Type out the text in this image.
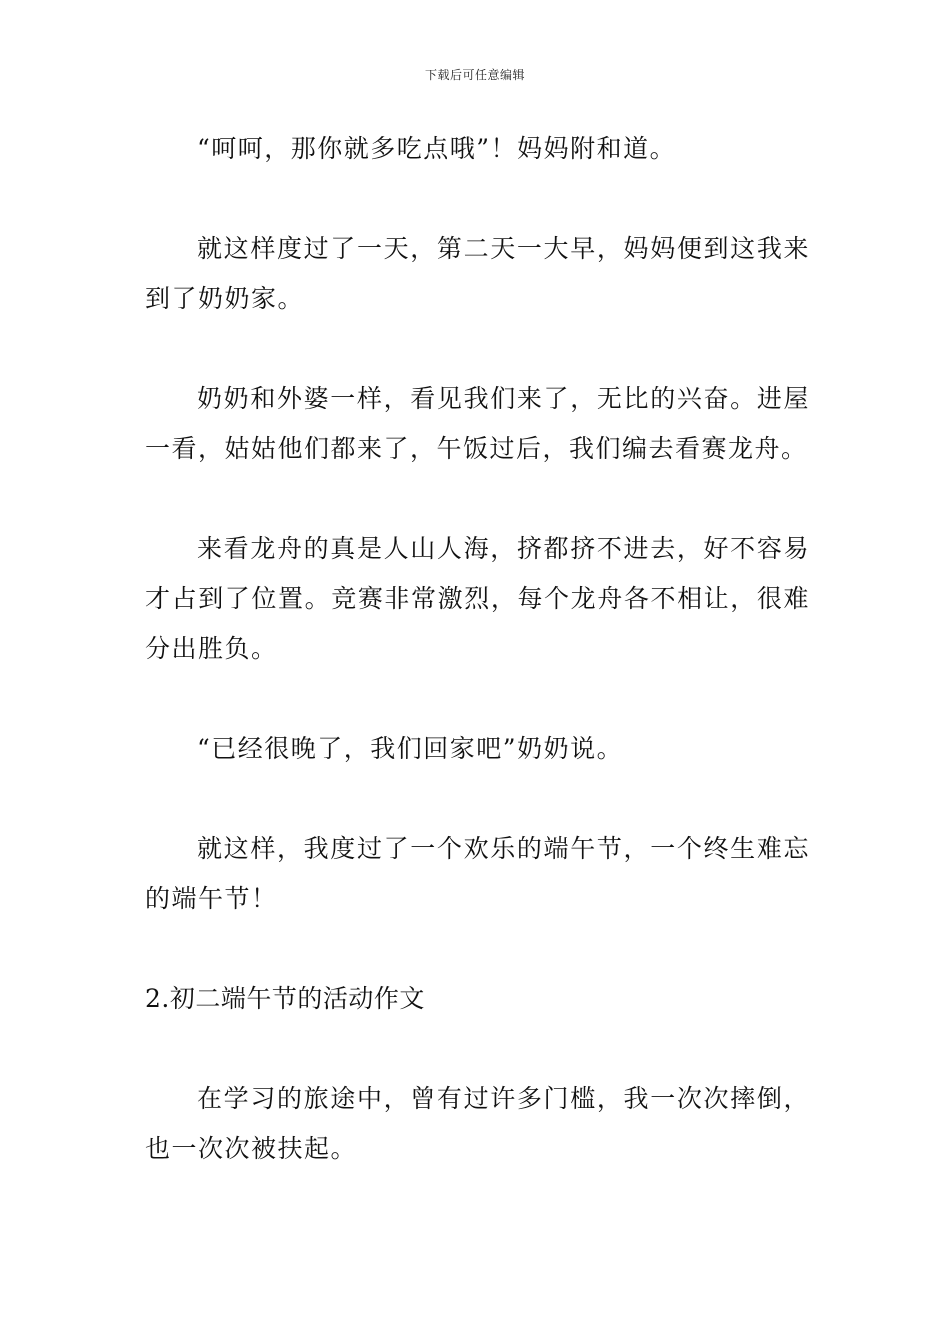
下载后可任意编辑

“呵呵，那你就多吃点哦”！妈妈附和道。

就这样度过了一天，第二天一大早，妈妈便到这我来到了奶奶家。

奶奶和外婆一样，看见我们来了，无比的兴奋。进屋一看，姑姑他们都来了，午饭过后，我们编去看赛龙舟。

来看龙舟的真是人山人海，挤都挤不进去，好不容易才占到了位置。竞赛非常激烈，每个龙舟各不相让，很难分出胜负。

“已经很晚了，我们回家吧”奶奶说。

就这样，我度过了一个欢乐的端午节，一个终生难忘的端午节！

2.初二端午节的活动作文

在学习的旅途中，曾有过许多门槛，我一次次摔倒，也一次次被扶起。
